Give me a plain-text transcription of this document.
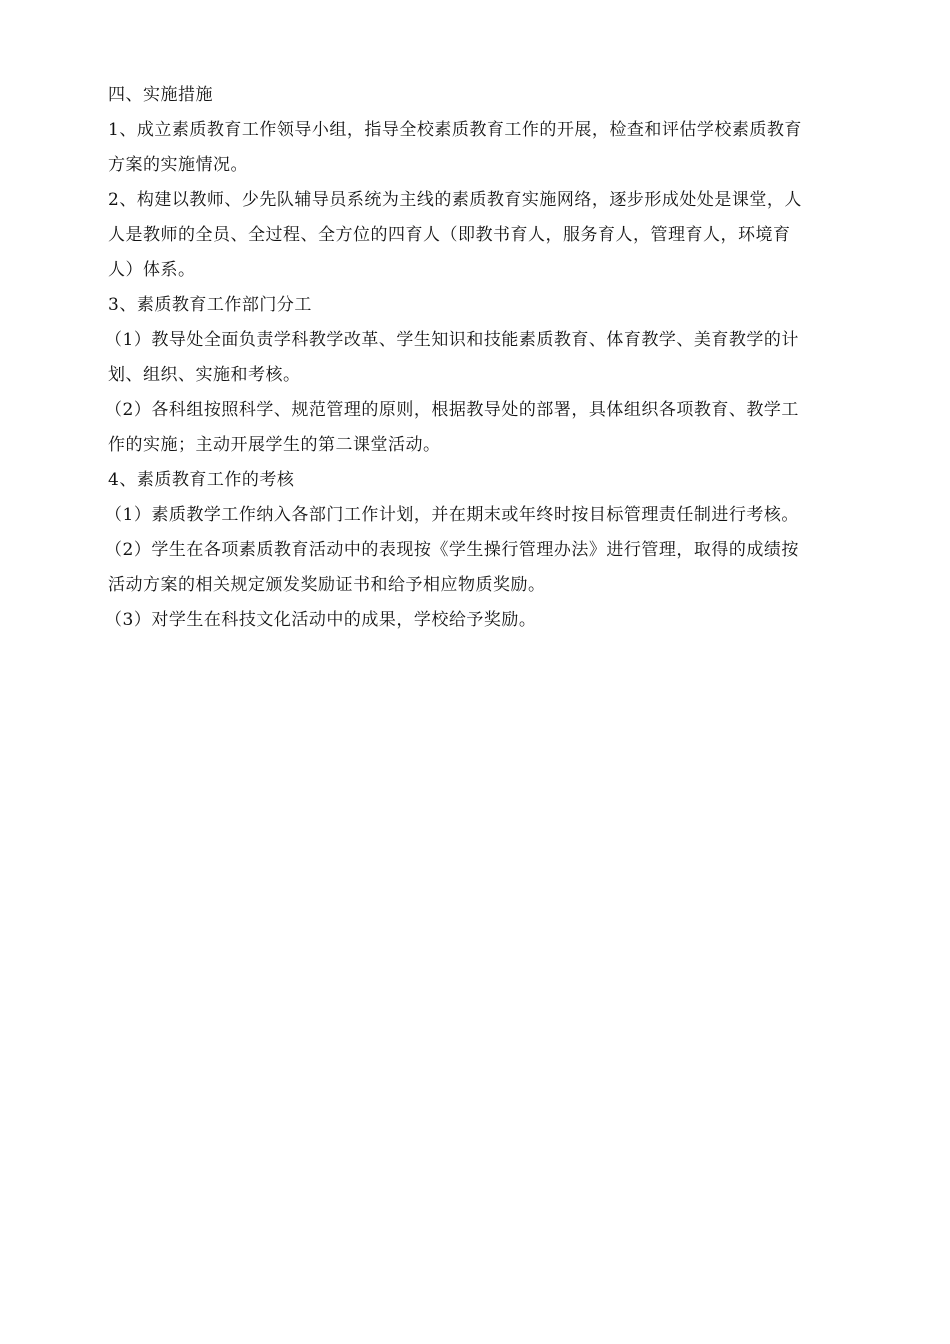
四、实施措施
1、成立素质教育工作领导小组，指导全校素质教育工作的开展，检查和评估学校素质教育
方案的实施情况。
2、构建以教师、少先队辅导员系统为主线的素质教育实施网络，逐步形成处处是课堂，人
人是教师的全员、全过程、全方位的四育人（即教书育人，服务育人，管理育人，环境育
人）体系。
3、素质教育工作部门分工
（1）教导处全面负责学科教学改革、学生知识和技能素质教育、体育教学、美育教学的计
划、组织、实施和考核。
（2）各科组按照科学、规范管理的原则，根据教导处的部署，具体组织各项教育、教学工
作的实施；主动开展学生的第二课堂活动。
4、素质教育工作的考核
（1）素质教学工作纳入各部门工作计划，并在期末或年终时按目标管理责任制进行考核。
（2）学生在各项素质教育活动中的表现按《学生操行管理办法》进行管理，取得的成绩按
活动方案的相关规定颁发奖励证书和给予相应物质奖励。
（3）对学生在科技文化活动中的成果，学校给予奖励。
